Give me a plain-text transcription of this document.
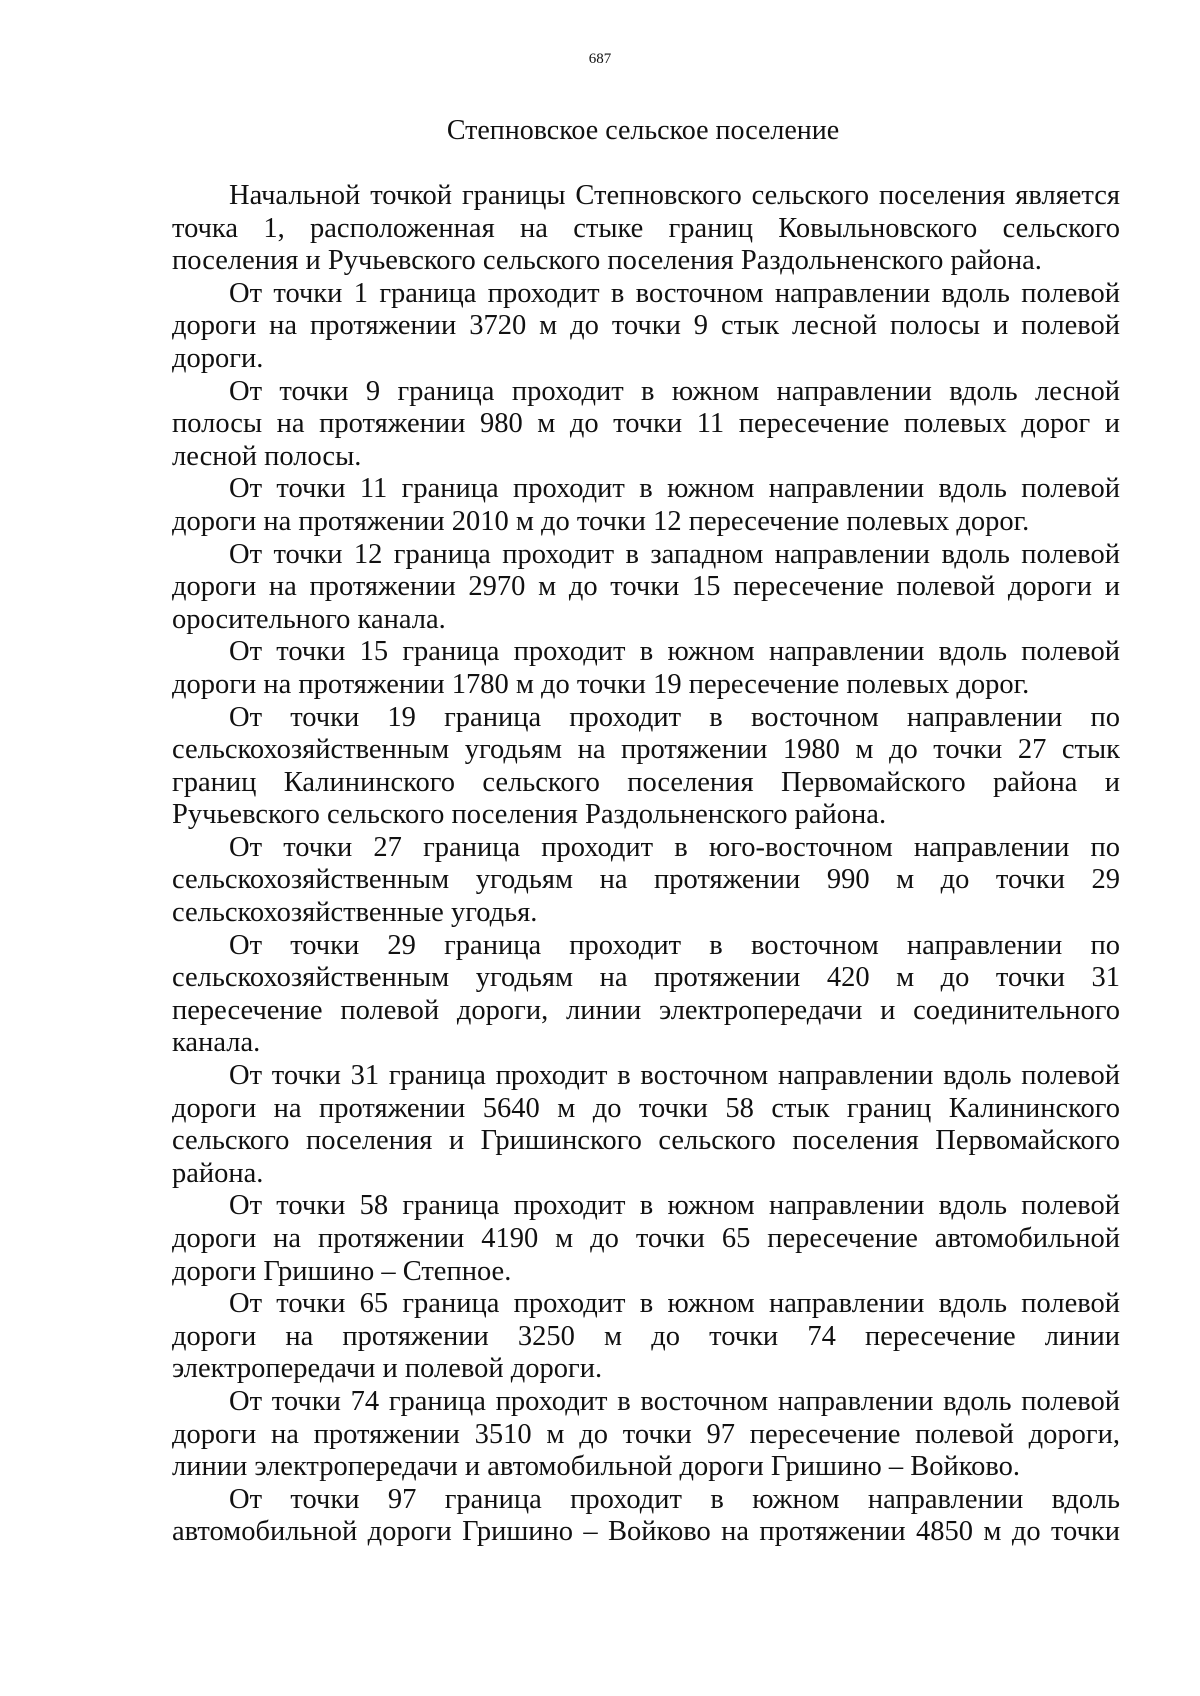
687
Степновское сельское поселение

Начальной точкой границы Степновского сельского поселения является точка 1, расположенная на стыке границ Ковыльновского сельского поселения и Ручьевского сельского поселения Раздольненского района.

От точки 1 граница проходит в восточном направлении вдоль полевой дороги на протяжении 3720 м до точки 9 стык лесной полосы и полевой дороги.

От точки 9 граница проходит в южном направлении вдоль лесной полосы на протяжении 980 м до точки 11 пересечение полевых дорог и лесной полосы.

От точки 11 граница проходит в южном направлении вдоль полевой дороги на протяжении 2010 м до точки 12 пересечение полевых дорог.

От точки 12 граница проходит в западном направлении вдоль полевой дороги на протяжении 2970 м до точки 15 пересечение полевой дороги и оросительного канала.

От точки 15 граница проходит в южном направлении вдоль полевой дороги на протяжении 1780 м до точки 19 пересечение полевых дорог.

От точки 19 граница проходит в восточном направлении по сельскохозяйственным угодьям на протяжении 1980 м до точки 27 стык границ Калининского сельского поселения Первомайского района и Ручьевского сельского поселения Раздольненского района.

От точки 27 граница проходит в юго-восточном направлении по сельскохозяйственным угодьям на протяжении 990 м до точки 29 сельскохозяйственные угодья.

От точки 29 граница проходит в восточном направлении по сельскохозяйственным угодьям на протяжении 420 м до точки 31 пересечение полевой дороги, линии электропередачи и соединительного канала.

От точки 31 граница проходит в восточном направлении вдоль полевой дороги на протяжении 5640 м до точки 58 стык границ Калининского сельского поселения и Гришинского сельского поселения Первомайского района.

От точки 58 граница проходит в южном направлении вдоль полевой дороги на протяжении 4190 м до точки 65 пересечение автомобильной дороги Гришино – Степное.

От точки 65 граница проходит в южном направлении вдоль полевой дороги на протяжении 3250 м до точки 74 пересечение линии электропередачи и полевой дороги.

От точки 74 граница проходит в восточном направлении вдоль полевой дороги на протяжении 3510 м до точки 97 пересечение полевой дороги, линии электропередачи и автомобильной дороги Гришино – Войково.

От точки 97 граница проходит в южном направлении вдоль автомобильной дороги Гришино – Войково на протяжении 4850 м до точки
